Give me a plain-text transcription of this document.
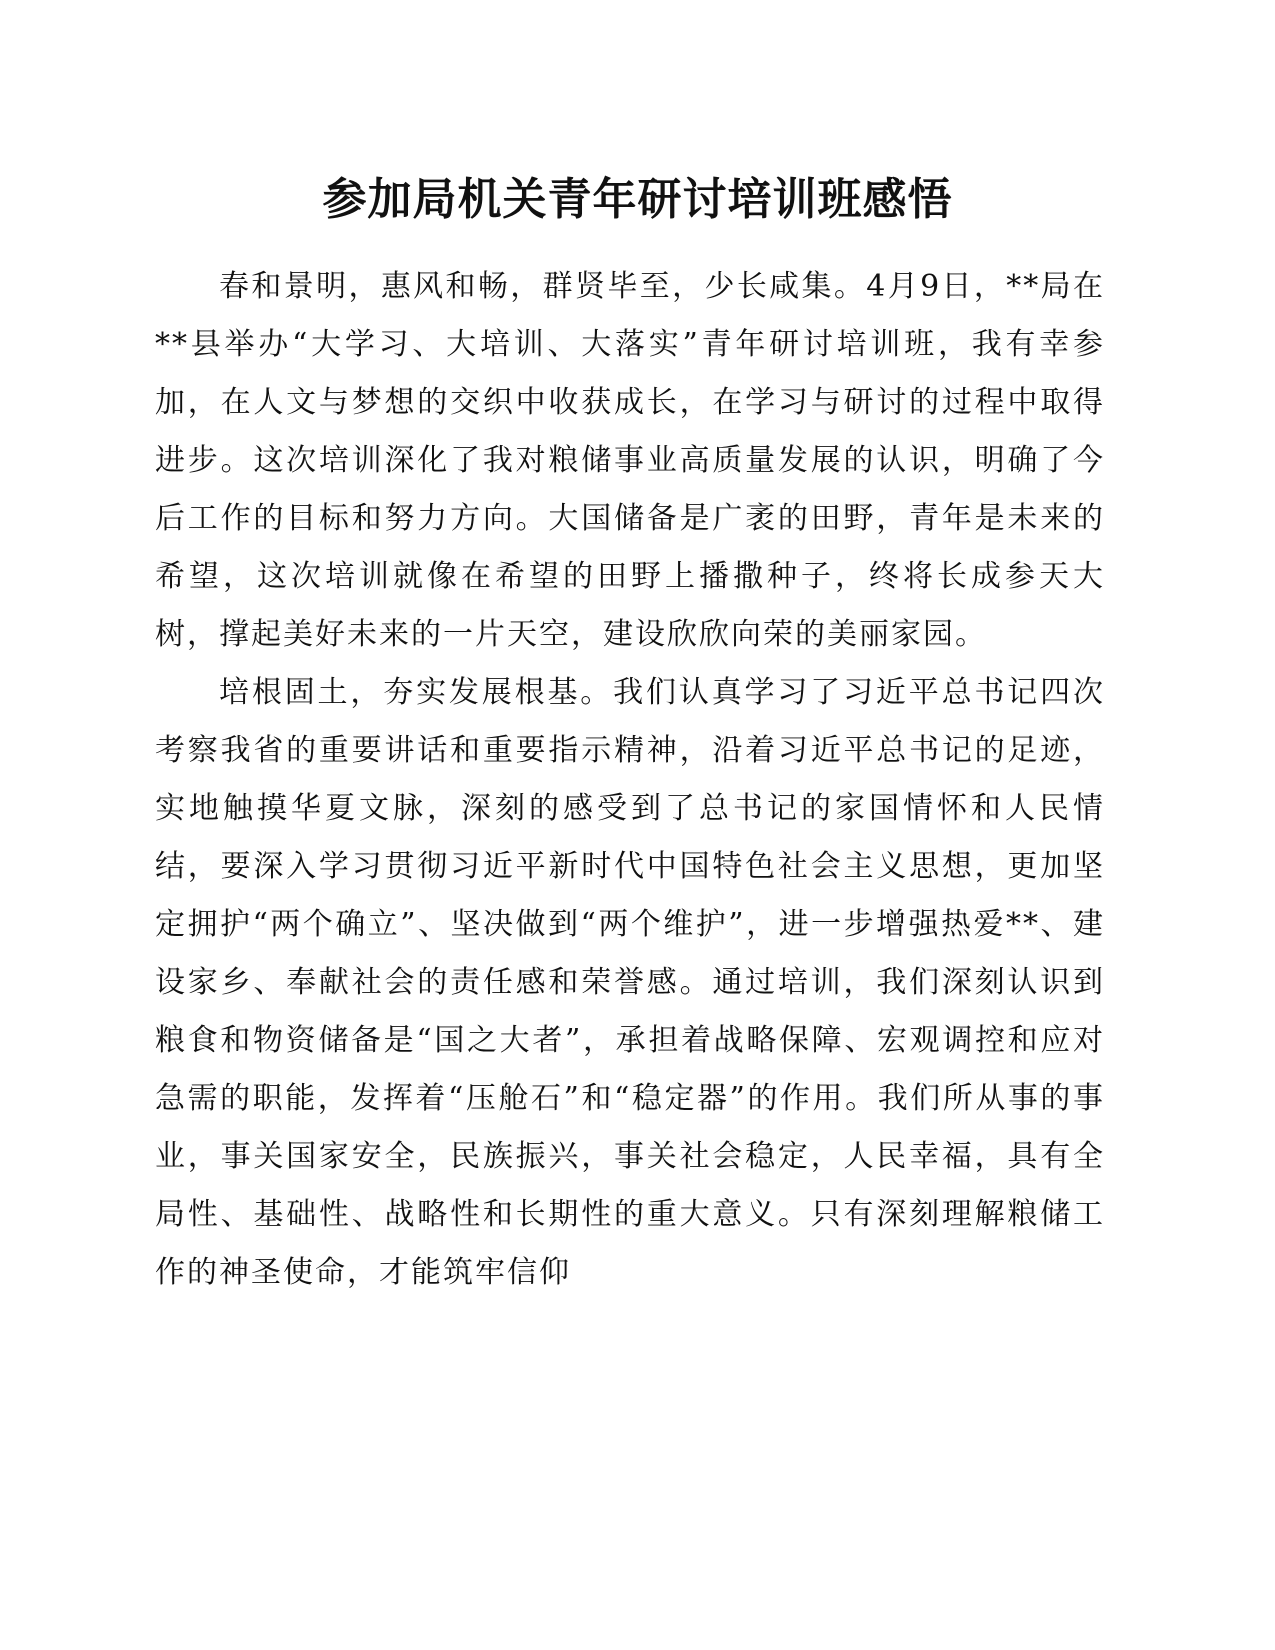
参加局机关青年研讨培训班感悟

春和景明，惠风和畅，群贤毕至，少长咸集。4月9日，**局在**县举办“大学习、大培训、大落实”青年研讨培训班，我有幸参加，在人文与梦想的交织中收获成长，在学习与研讨的过程中取得进步。这次培训深化了我对粮储事业高质量发展的认识，明确了今后工作的目标和努力方向。大国储备是广袤的田野，青年是未来的希望，这次培训就像在希望的田野上播撒种子，终将长成参天大树，撑起美好未来的一片天空，建设欣欣向荣的美丽家园。

培根固土，夯实发展根基。我们认真学习了习近平总书记四次考察我省的重要讲话和重要指示精神，沿着习近平总书记的足迹，实地触摸华夏文脉，深刻的感受到了总书记的家国情怀和人民情结，要深入学习贯彻习近平新时代中国特色社会主义思想，更加坚定拥护“两个确立”、坚决做到“两个维护”，进一步增强热爱**、建设家乡、奉献社会的责任感和荣誉感。通过培训，我们深刻认识到粮食和物资储备是“国之大者”，承担着战略保障、宏观调控和应对急需的职能，发挥着“压舱石”和“稳定器”的作用。我们所从事的事业，事关国家安全，民族振兴，事关社会稳定，人民幸福，具有全局性、基础性、战略性和长期性的重大意义。只有深刻理解粮储工作的神圣使命，才能筑牢信仰
